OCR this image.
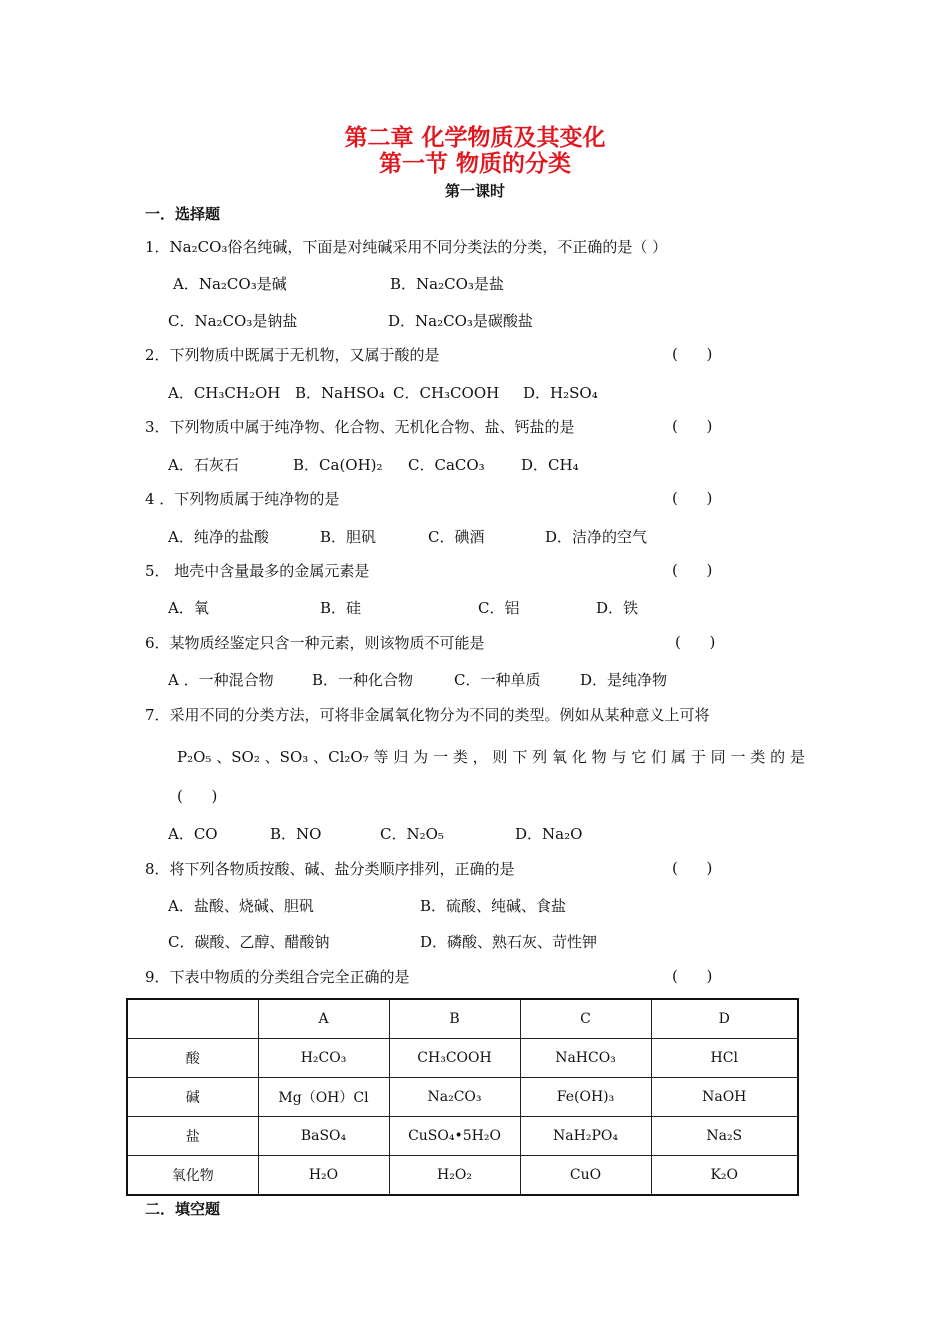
第二章 化学物质及其变化
第一节 物质的分类
第一课时
一．选择题
1．Na₂CO₃俗名纯碱，下面是对纯碱采用不同分类法的分类，不正确的是（ ）
A．Na₂CO₃是碱	B．Na₂CO₃是盐
C．Na₂CO₃是钠盐	D．Na₂CO₃是碳酸盐
2．下列物质中既属于无机物，又属于酸的是	(      )
A．CH₃CH₂OH B．NaHSO₄ C．CH₃COOH D．H₂SO₄
3．下列物质中属于纯净物、化合物、无机化合物、盐、钙盐的是	(      )
A．石灰石	B．Ca(OH)₂ C．CaCO₃ D．CH₄
4 ．下列物质属于纯净物的是	(      )
A．纯净的盐酸	B．胆矾	C．碘酒	D．洁净的空气
5． 地壳中含量最多的金属元素是	(      )
A．氧	B．硅	C．铝	D．铁
6．某物质经鉴定只含一种元素，则该物质不可能是	(      )
A ．一种混合物	B．一种化合物	C．一种单质	D．是纯净物
7．采用不同的分类方法，可将非金属氧化物分为不同的类型。例如从某种意义上可将
P₂O₅ 、SO₂ 、SO₃ 、Cl₂O₇ 等 归 为 一 类 ， 则 下 列 氧 化 物 与 它 们 属 于 同 一 类 的 是
(      )
A．CO	B．NO	C．N₂O₅	D．Na₂O
8．将下列各物质按酸、碱、盐分类顺序排列，正确的是	(      )
A．盐酸、烧碱、胆矾	B．硫酸、纯碱、食盐
C．碳酸、乙醇、醋酸钠	D．磷酸、熟石灰、苛性钾
9．下表中物质的分类组合完全正确的是	(      )
	A	B	C	D
酸	H₂CO₃	CH₃COOH	NaHCO₃	HCl
碱	Mg（OH）Cl	Na₂CO₃	Fe(OH)₃	NaOH
盐	BaSO₄	CuSO₄•5H₂O	NaH₂PO₄	Na₂S
氧化物	H₂O	H₂O₂	CuO	K₂O
二．填空题
